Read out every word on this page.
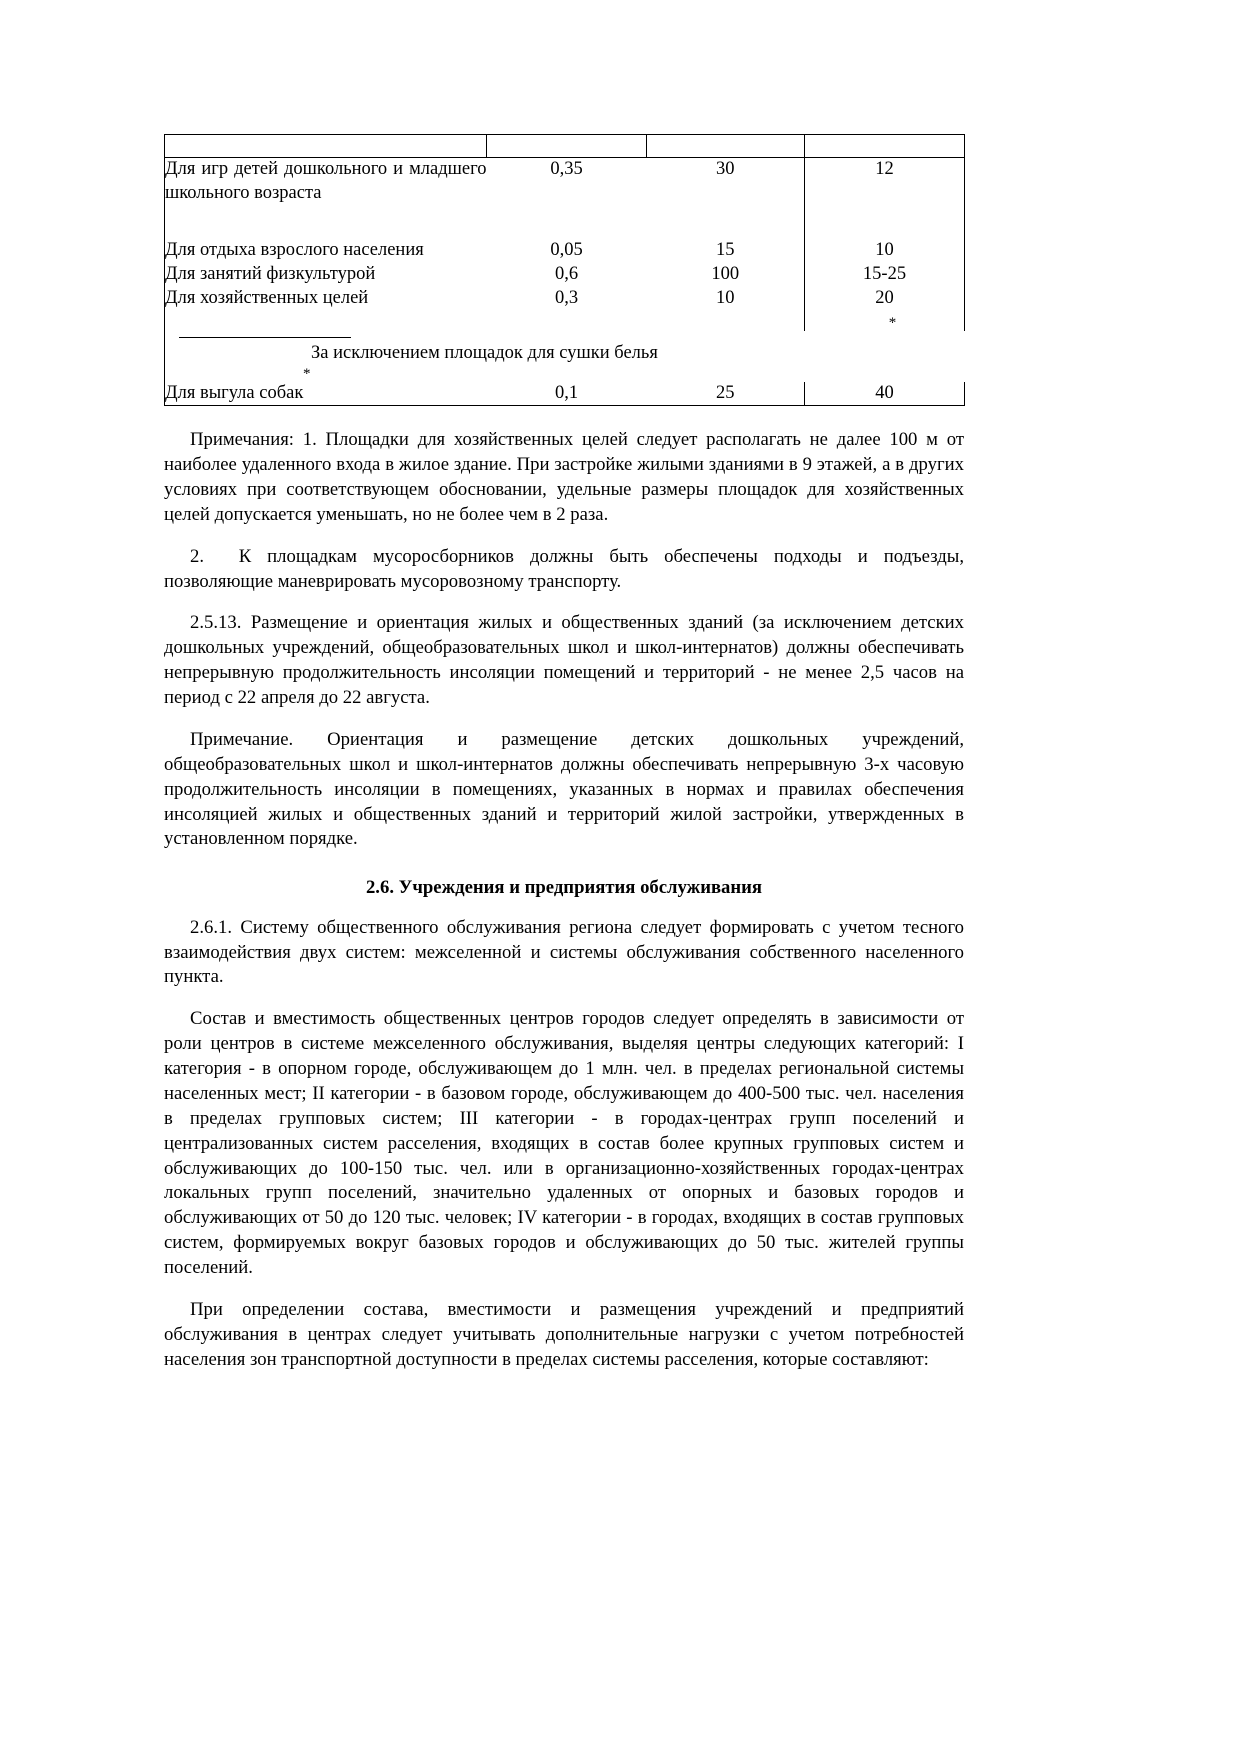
Для игр детей дошкольного и младшего школьного возраста	0,35	30	12
Для отдыха взрослого населения	0,05	15	10
Для занятий физкультурой	0,6	100	15-25
Для хозяйственных целей	0,3	10	20
*

За исключением площадок для сушки белья
*			

Для выгула собак	0,1	25	40

Примечания: 1. Площадки для хозяйственных целей следует располагать не далее 100 м от наиболее удаленного входа в жилое здание. При застройке жилыми зданиями в 9 этажей, а в других условиях при соответствующем обосновании, удельные размеры площадок для хозяйственных целей допускается уменьшать, но не более чем в 2 раза.

2.  К площадкам мусоросборников должны быть обеспечены подходы и подъезды, позволяющие маневрировать мусоровозному транспорту.

2.5.13. Размещение и ориентация жилых и общественных зданий (за исключением детских дошкольных учреждений, общеобразовательных школ и школ-интернатов) должны обеспечивать непрерывную продолжительность инсоляции помещений и территорий - не менее 2,5 часов на период с 22 апреля до 22 августа.

Примечание. Ориентация и размещение детских дошкольных учреждений, общеобразовательных школ и школ-интернатов должны обеспечивать непрерывную 3-х часовую продолжительность инсоляции в помещениях, указанных в нормах и правилах обеспечения инсоляцией жилых и общественных зданий и территорий жилой застройки, утвержденных в установленном порядке.

2.6. Учреждения и предприятия обслуживания

2.6.1. Систему общественного обслуживания региона следует формировать с учетом тесного взаимодействия двух систем: межселенной и системы обслуживания собственного населенного пункта.

Состав и вместимость общественных центров городов следует определять в зависимости от роли центров в системе межселенного обслуживания, выделяя центры следующих категорий: I категория - в опорном городе, обслуживающем до 1 млн. чел. в пределах региональной системы населенных мест; II категории - в базовом городе, обслуживающем до 400-500 тыс. чел. населения в пределах групповых систем; III категории - в городах-центрах групп поселений и централизованных систем расселения, входящих в состав более крупных групповых систем и обслуживающих до 100-150 тыс. чел. или в организационно-хозяйственных городах-центрах локальных групп поселений, значительно удаленных от опорных и базовых городов и обслуживающих от 50 до 120 тыс. человек; IV категории - в городах, входящих в состав групповых систем, формируемых вокруг базовых городов и обслуживающих до 50 тыс. жителей группы поселений.

При определении состава, вместимости и размещения учреждений и предприятий обслуживания в центрах следует учитывать дополнительные нагрузки с учетом потребностей населения зон транспортной доступности в пределах системы расселения, которые составляют:
